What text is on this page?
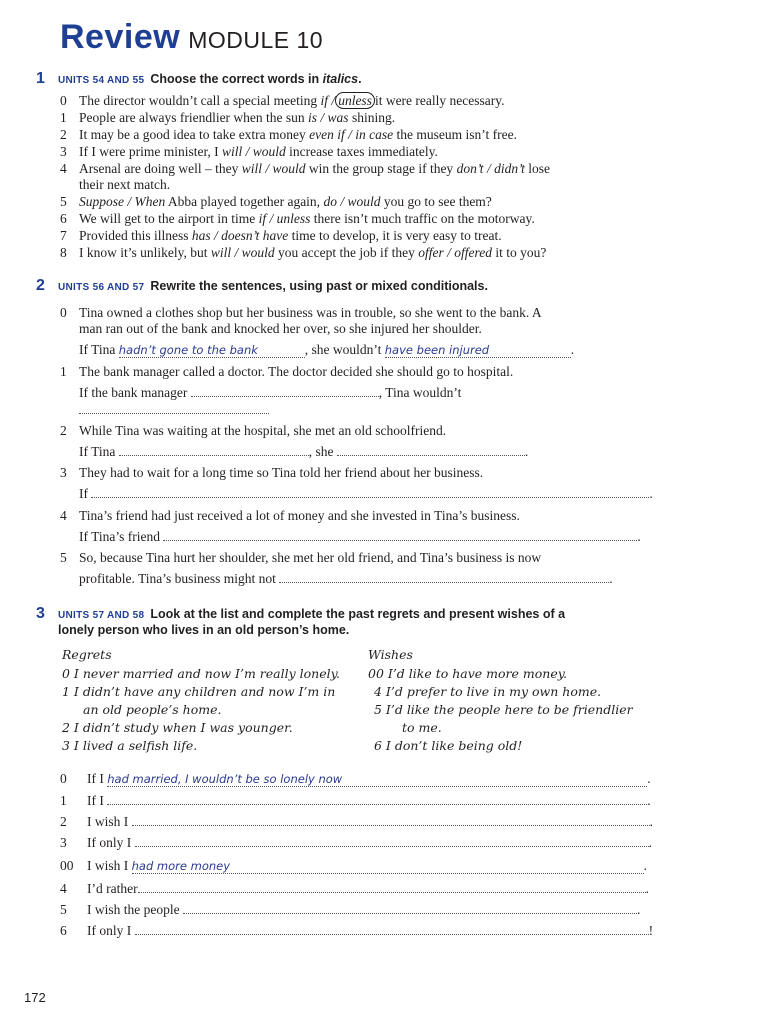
Review MODULE 10
1 UNITS 54 AND 55 Choose the correct words in italics.
0 The director wouldn’t call a special meeting if / unless it were really necessary.
1 People are always friendlier when the sun is / was shining.
2 It may be a good idea to take extra money even if / in case the museum isn’t free.
3 If I were prime minister, I will / would increase taxes immediately.
4 Arsenal are doing well – they will / would win the group stage if they don’t / didn’t lose
their next match.
5 Suppose / When Abba played together again, do / would you go to see them?
6 We will get to the airport in time if / unless there isn’t much traffic on the motorway.
7 Provided this illness has / doesn’t have time to develop, it is very easy to treat.
8 I know it’s unlikely, but will / would you accept the job if they offer / offered it to you?
2 UNITS 56 AND 57 Rewrite the sentences, using past or mixed conditionals.
0 Tina owned a clothes shop but her business was in trouble, so she went to the bank. A
man ran out of the bank and knocked her over, so she injured her shoulder.
If Tina hadn’t gone to the bank	, she wouldn’t have been injured	.
1 The bank manager called a doctor. The doctor decided she should go to hospital.
If the bank manager	, Tina wouldn’t
2 While Tina was waiting at the hospital, she met an old schoolfriend.
If Tina	, she	.
3 They had to wait for a long time so Tina told her friend about her business.
If	.
4 Tina’s friend had just received a lot of money and she invested in Tina’s business.
If Tina’s friend	.
5 So, because Tina hurt her shoulder, she met her old friend, and Tina’s business is now
profitable. Tina’s business might not	.
3 UNITS 57 AND 58 Look at the list and complete the past regrets and present wishes of a
lonely person who lives in an old person’s home.
Regrets
0 I never married and now I’m really lonely.
1 I didn’t have any children and now I’m in
an old people’s home.
2 I didn’t study when I was younger.
3 I lived a selfish life.
Wishes
00 I’d like to have more money.
4 I’d prefer to live in my own home.
5 I’d like the people here to be friendlier
to me.
6 I don’t like being old!
0 If I had married, I wouldn’t be so lonely now	.
1 If I	.
2 I wish I	.
3 If only I	.
00 I wish I had more money	.
4 I’d rather	.
5 I wish the people	.
6 If only I	!
172
